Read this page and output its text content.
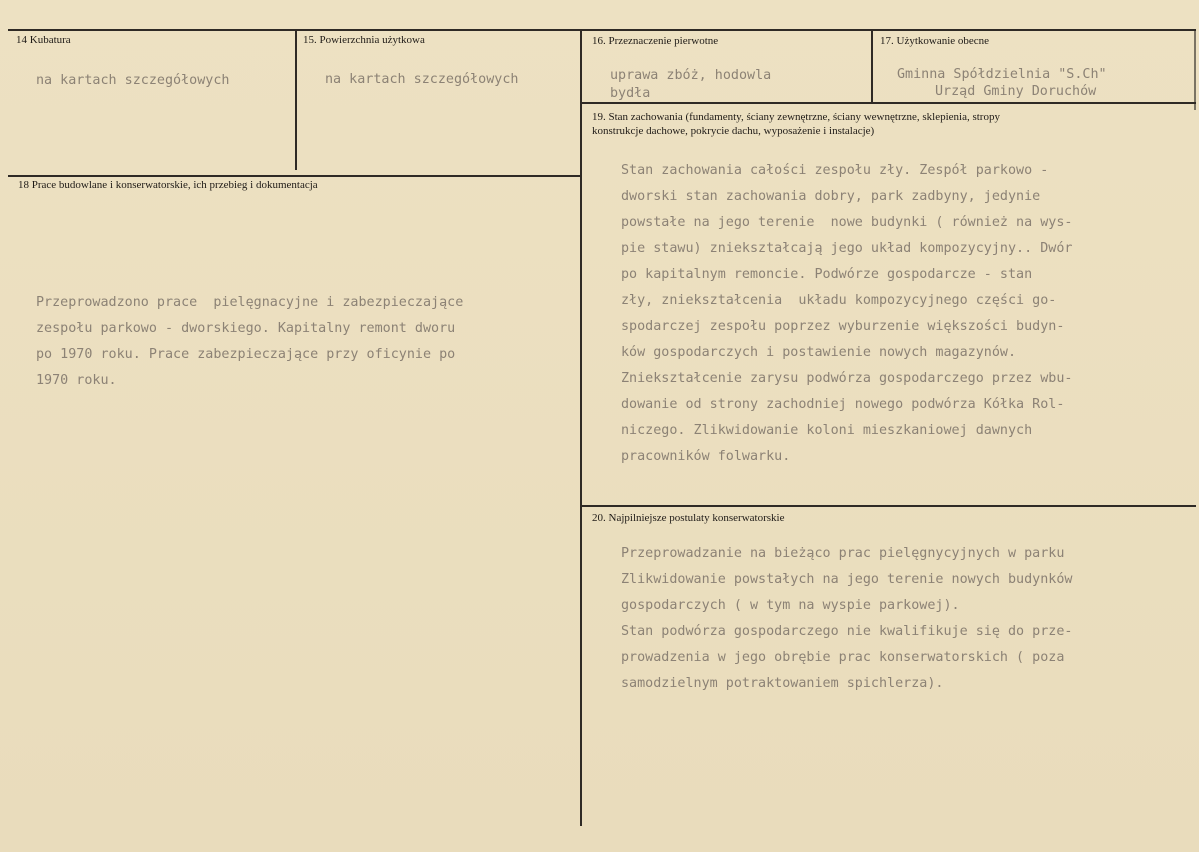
14 Kubatura
na kartach szczegółowych
15. Powierzchnia użytkowa
na kartach szczegółowych
16. Przeznaczenie pierwotne
uprawa zbóż, hodowla
bydła
17. Użytkowanie obecne
Gminna Spółdzielnia "S.Ch"
Urząd Gminy Doruchów
18 Prace budowlane i konserwatorskie, ich przebieg i dokumentacja
Przeprowadzono prace  pielęgnacyjne i zabezpieczające
zespołu parkowo - dworskiego. Kapitalny remont dworu
po 1970 roku. Prace zabezpieczające przy oficynie po
1970 roku.
19. Stan zachowania (fundamenty, ściany zewnętrzne, ściany wewnętrzne, sklepienia, stropy
konstrukcje dachowe, pokrycie dachu, wyposażenie i instalacje)
Stan zachowania całości zespołu zły. Zespół parkowo -
dworski stan zachowania dobry, park zadbyny, jedynie
powstałe na jego terenie  nowe budynki ( również na wys-
pie stawu) zniekształcają jego układ kompozycyjny.. Dwór
po kapitalnym remoncie. Podwórze gospodarcze - stan
zły, zniekształcenia  układu kompozycyjnego części go-
spodarczej zespołu poprzez wyburzenie większości budyn-
ków gospodarczych i postawienie nowych magazynów.
Zniekształcenie zarysu podwórza gospodarczego przez wbu-
dowanie od strony zachodniej nowego podwórza Kółka Rol-
niczego. Zlikwidowanie koloni mieszkaniowej dawnych
pracowników folwarku.
20. Najpilniejsze postulaty konserwatorskie
Przeprowadzanie na bieżąco prac pielęgnycyjnych w parku
Zlikwidowanie powstałych na jego terenie nowych budynków
gospodarczych ( w tym na wyspie parkowej).
Stan podwórza gospodarczego nie kwalifikuje się do prze-
prowadzenia w jego obrębie prac konserwatorskich ( poza
samodzielnym potraktowaniem spichlerza).
